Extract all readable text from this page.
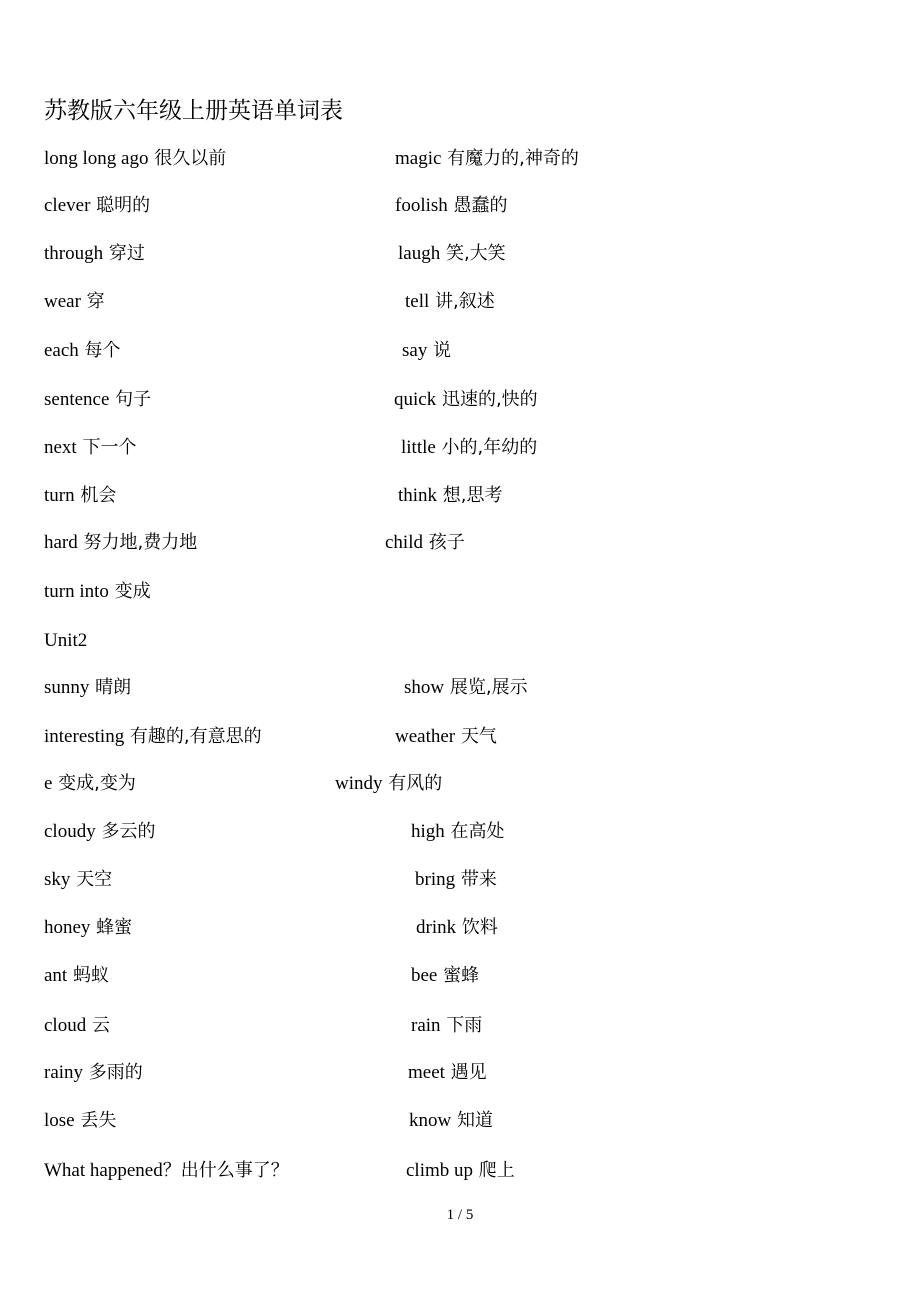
苏教版六年级上册英语单词表
long long ago 很久以前	magic 有魔力的,神奇的
clever 聪明的	foolish 愚蠢的
through 穿过	laugh 笑,大笑
wear 穿	tell 讲,叙述
each 每个	say 说
sentence 句子	quick 迅速的,快的
next 下一个	little 小的,年幼的
turn 机会	think 想,思考
hard 努力地,费力地	child 孩子
turn into 变成
Unit2
sunny 晴朗	show 展览,展示
interesting 有趣的,有意思的	weather 天气
e 变成,变为	windy 有风的
cloudy 多云的	high 在高处
sky 天空	bring 带来
honey 蜂蜜	drink 饮料
ant 蚂蚁	bee 蜜蜂
cloud 云	rain 下雨
rainy 多雨的	meet 遇见
lose 丢失	know 知道
What happened？出什么事了？	climb up 爬上
1 / 5
